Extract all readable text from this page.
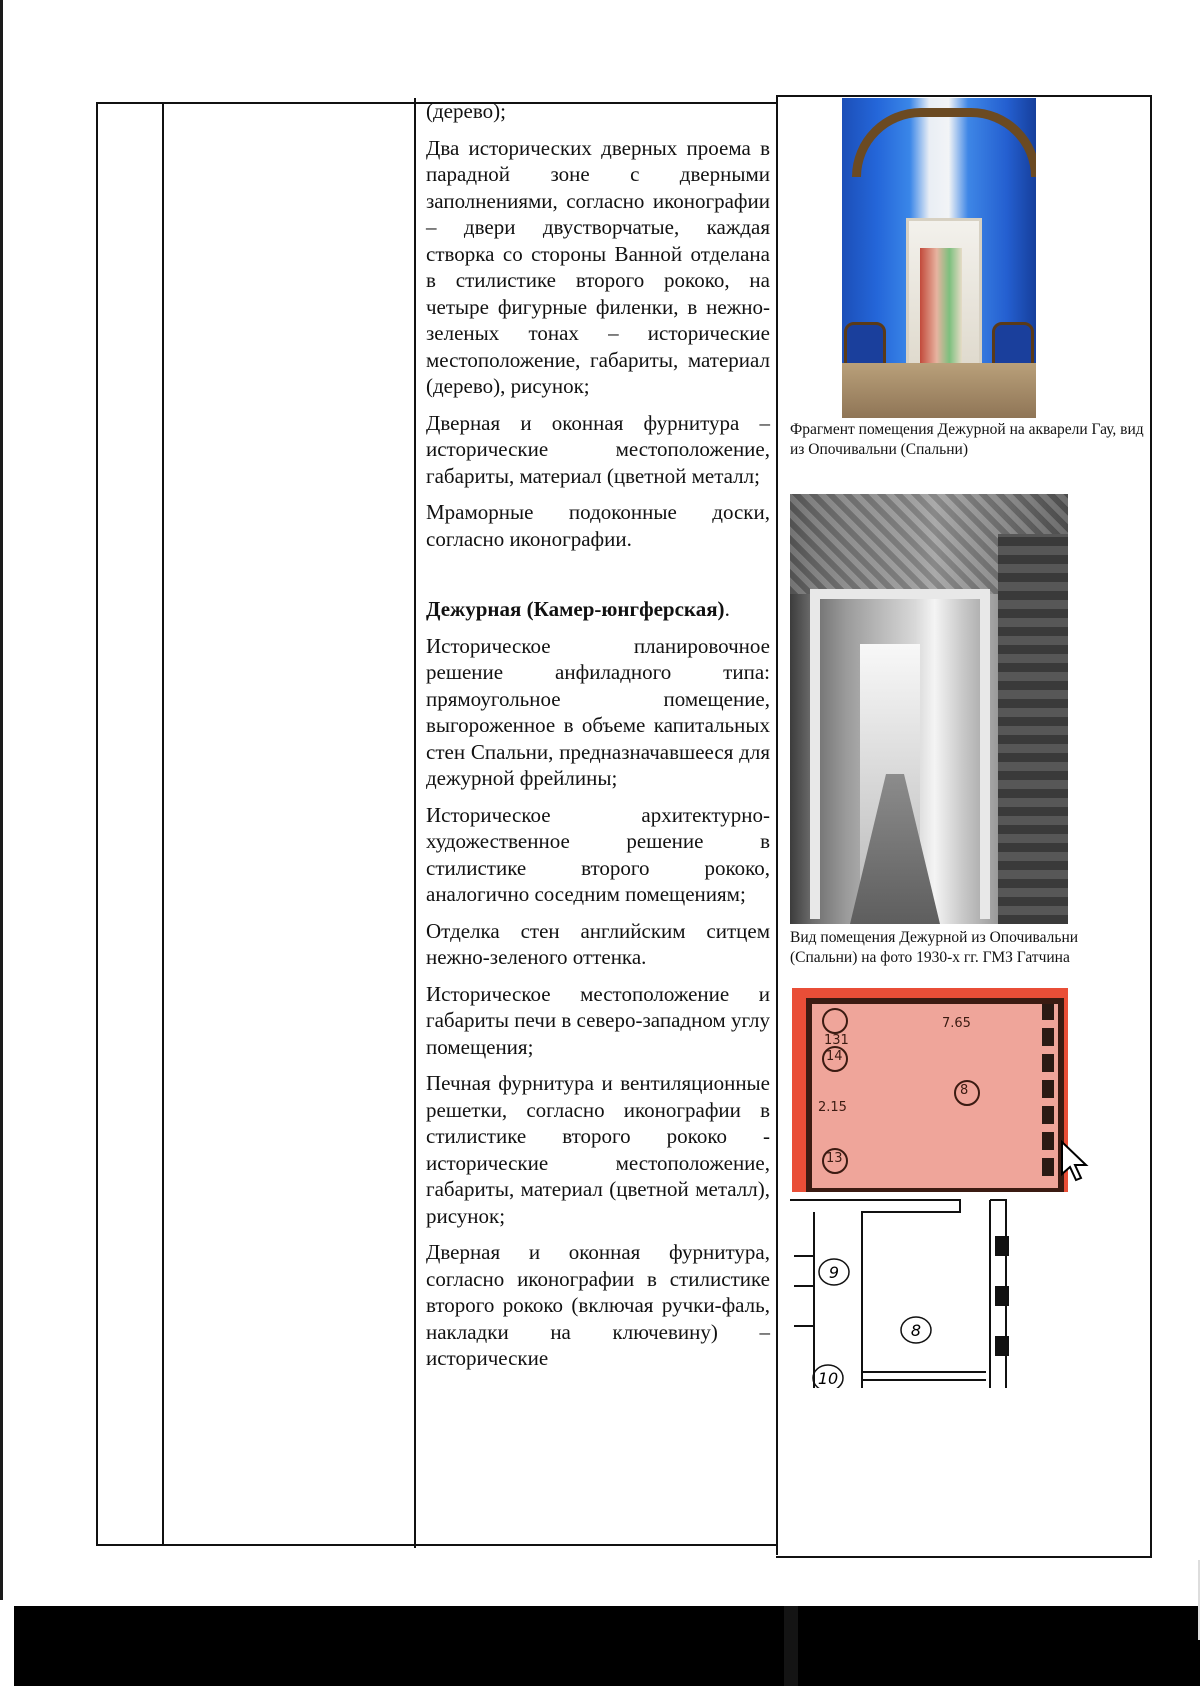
(дерево);

Два исторических дверных проема в парадной зоне с дверными заполнениями, согласно иконографии – двери двустворчатые, каждая створка со стороны Ванной отделана в стилистике второго рококо, на четыре фигурные филенки, в нежно-зеленых тонах – исторические местоположение, габариты, материал (дерево), рисунок;

Дверная и оконная фурнитура – исторические местоположение, габариты, материал (цветной металл;

Мраморные подоконные доски, согласно иконографии.

Дежурная (Камер-юнгферская).

Историческое планировочное решение анфиладного типа: прямоугольное помещение, выгороженное в объеме капитальных стен Спальни, предназначавшееся для дежурной фрейлины;

Историческое архитектурно-художественное решение в стилистике второго рококо, аналогично соседним помещениям;

Отделка стен английским ситцем нежно-зеленого оттенка.

Историческое местоположение и габариты печи в северо-западном углу помещения;

Печная фурнитура и вентиляционные решетки, согласно иконографии в стилистике второго рококо - исторические местоположение, габариты, материал (цветной металл), рисунок;

Дверная и оконная фурнитура, согласно иконографии в стилистике второго рококо (включая ручки-фаль, накладки на ключевину) – исторические

Фрагмент помещения Дежурной на акварели Гау, вид из Опочивальни (Спальни)
Вид помещения Дежурной из Опочивальни (Спальни) на фото 1930-х гг. ГМЗ Гатчина
7.65
8
131
14
2.15
13
9
8
10
